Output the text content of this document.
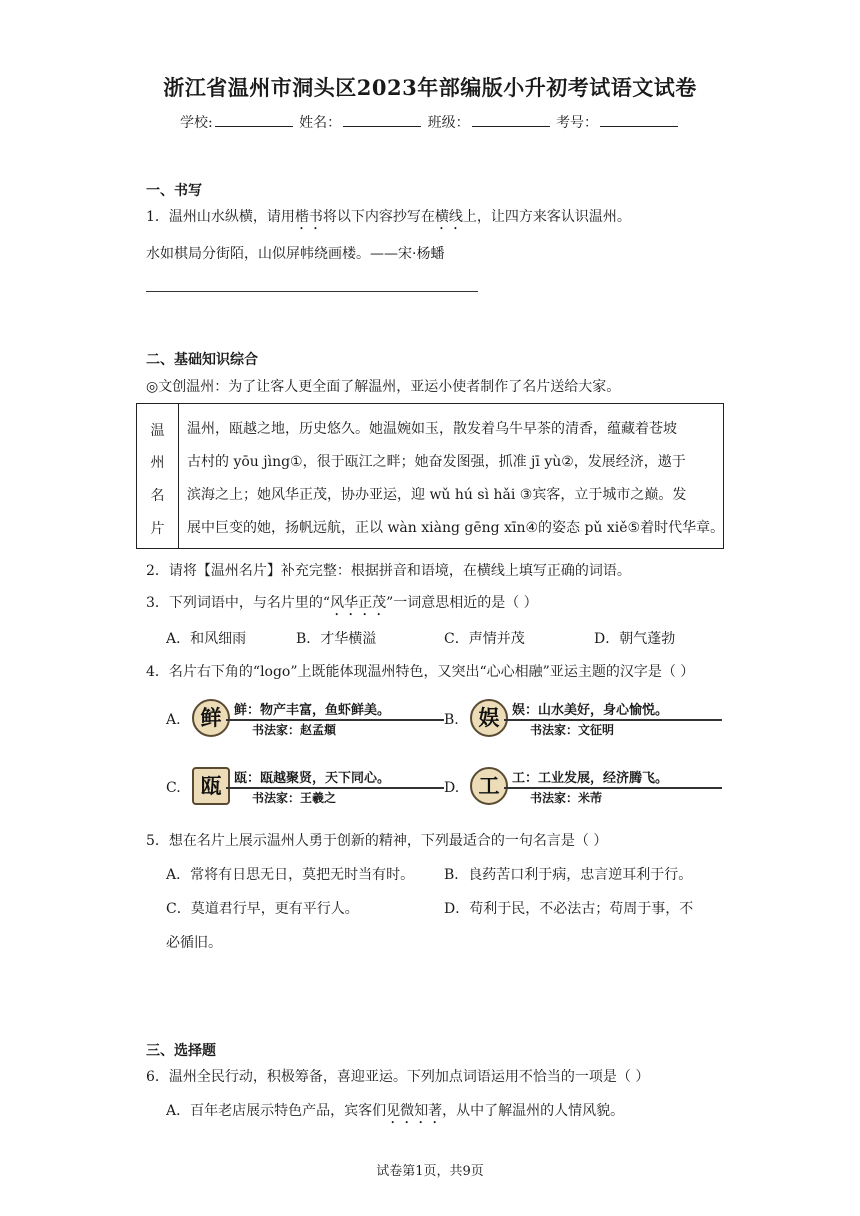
浙江省温州市洞头区2023年部编版小升初考试语文试卷
学校:	姓名：	班级：	考号：
一、书写
1．温州山水纵横，请用楷书将以下内容抄写在横线上，让四方来客认识温州。
水如棋局分街陌，山似屏帏绕画楼。——宋·杨蟠
二、基础知识综合
◎文创温州：为了让客人更全面了解温州，亚运小使者制作了名片送给大家。
温
州
名
片
温州，瓯越之地，历史悠久。她温婉如玉，散发着乌牛早茶的清香，蕴藏着苍坡
古村的 yōu jìng①，很于瓯江之畔；她奋发图强，抓准 jī yù②，发展经济，遨于
滨海之上；她风华正茂，协办亚运，迎 wǔ hú sì hǎi ③宾客，立于城市之巅。发
展中巨变的她，扬帆远航，正以 wàn xiàng gēng xīn④的姿态 pǔ xiě⑤着时代华章。
2．请将【温州名片】补充完整：根据拼音和语境，在横线上填写正确的词语。
3．下列词语中，与名片里的“风华正茂”一词意思相近的是（ ）
A．和风细雨	B．才华横溢	C．声情并茂	D．朝气蓬勃
4．名片右下角的“logo”上既能体现温州特色，又突出“心心相融”亚运主题的汉字是（ ）
A. 鲜 鲜：物产丰富，鱼虾鲜美。
书法家：赵孟頫
B. 娱 娱：山水美好，身心愉悦。
书法家：文征明
C. 瓯 瓯：瓯越聚贤，天下同心。
书法家：王羲之
D. 工 工：工业发展，经济腾飞。
书法家：米芾
5．想在名片上展示温州人勇于创新的精神，下列最适合的一句名言是（ ）
A．常将有日思无日，莫把无时当有时。 B．良药苦口利于病，忠言逆耳利于行。
C．莫道君行早，更有平行人。	D．苟利于民，不必法古；苟周于事，不
必循旧。
三、选择题
6．温州全民行动，积极筹备，喜迎亚运。下列加点词语运用不恰当的一项是（ ）
A．百年老店展示特色产品，宾客们见微知著，从中了解温州的人情风貌。
试卷第1页，共9页
